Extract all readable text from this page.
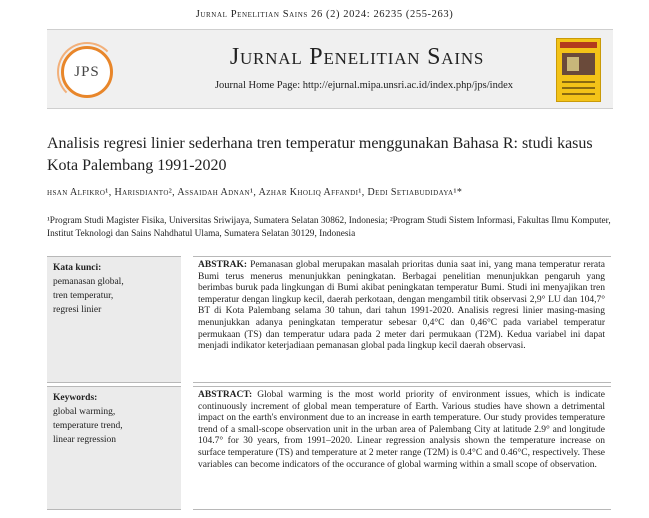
Jurnal Penelitian Sains 26 (2) 2024: 26235 (255-263)
JPS
Jurnal Penelitian Sains
Journal Home Page: http://ejurnal.mipa.unsri.ac.id/index.php/jps/index
Analisis regresi linier sederhana tren temperatur menggunakan Bahasa R: studi kasus Kota Palembang 1991-2020
hsan Alfikro¹, Harisdianto², Assaidah Adnan¹, Azhar Kholiq Affandi¹, Dedi Setiabudidaya¹*
¹Program Studi Magister Fisika, Universitas Sriwijaya, Sumatera Selatan 30862, Indonesia; ²Program Studi Sistem Informasi, Fakultas Ilmu Komputer, Institut Teknologi dan Sains Nahdhatul Ulama, Sumatera Selatan 30129, Indonesia
Kata kunci:
pemanasan global,
tren temperatur,
regresi linier
ABSTRAK: Pemanasan global merupakan masalah prioritas dunia saat ini, yang mana temperatur rerata Bumi terus menerus menunjukkan peningkatan. Berbagai penelitian menunjukkan pengaruh yang berimbas buruk pada lingkungan di Bumi akibat peningkatan temperatur Bumi. Studi ini menyajikan tren temperatur dengan lingkup kecil, daerah perkotaan, dengan mengambil titik observasi 2,9° LU dan 104,7° BT di Kota Palembang selama 30 tahun, dari tahun 1991-2020. Analisis regresi linier masing-masing menunjukkan adanya peningkatan temperatur sebesar 0,4°C dan 0,46°C pada variabel temperatur permukaan (TS) dan temperatur udara pada 2 meter dari permukaan (T2M). Kedua variabel ini dapat menjadi indikator keterjadiaan pemanasan global pada lingkup kecil daerah observasi.
Keywords:
global warming,
temperature trend,
linear regression
ABSTRACT: Global warming is the most world priority of environment issues, which is indicate continuously increment of global mean temperature of Earth. Various studies have shown a detrimental impact on the earth's environment due to an increase in earth temperature. Our study provides temperature trend of a small-scope observation unit in the urban area of Palembang City at latitude 2.9° and longitude 104.7° for 30 years, from 1991–2020. Linear regression analysis shown the temperature increase on surface temperature (TS) and temperature at 2 meter range (T2M) is 0.4°C and 0.46°C, respectively. These variables can become indicators of the occurance of global warming within a small scope of observation.
